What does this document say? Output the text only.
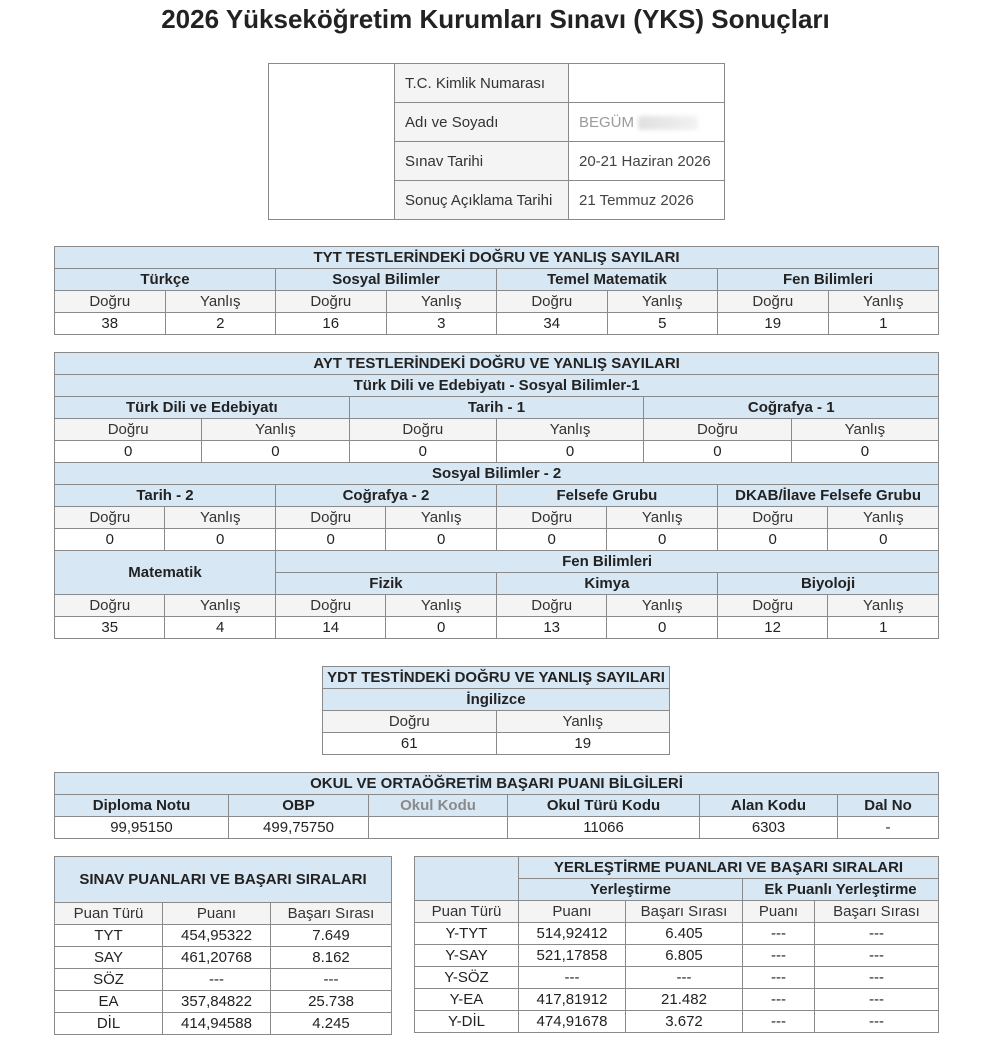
2026 Yükseköğretim Kurumları Sınavı (YKS) Sonuçları
	T.C. Kimlik Numarası	
	Adı ve Soyadı	BEGÜM
	Sınav Tarihi	20-21 Haziran 2026
	Sonuç Açıklama Tarihi	21 Temmuz 2026
TYT TESTLERİNDEKİ DOĞRU VE YANLIŞ SAYILARI							
Türkçe		Sosyal Bilimler		Temel Matematik		Fen Bilimleri	
Doğru	Yanlış	Doğru	Yanlış	Doğru	Yanlış	Doğru	Yanlış
38	2	16	3	34	5	19	1
AYT TESTLERİNDEKİ DOĞRU VE YANLIŞ SAYILARI											
Türk Dili ve Edebiyatı - Sosyal Bilimler-1											
Türk Dili ve Edebiyatı				Tarih - 1				Coğrafya - 1			
Doğru		Yanlış		Doğru		Yanlış		Doğru		Yanlış	
0		0		0		0		0		0	
Sosyal Bilimler - 2											
Tarih - 2			Coğrafya - 2			Felsefe Grubu			DKAB/İlave Felsefe Grubu		
Doğru	Yanlış		Doğru		Yanlış	Doğru	Yanlış		Doğru		Yanlış
0	0		0		0	0	0		0		0
Matematik			Fen Bilimleri								
			Fizik			Kimya			Biyoloji		
Doğru	Yanlış		Doğru		Yanlış	Doğru	Yanlış		Doğru		Yanlış
35	4		14		0	13	0		12		1
YDT TESTİNDEKİ DOĞRU VE YANLIŞ SAYILARI	
İngilizce	
Doğru	Yanlış
61	19
OKUL VE ORTAÖĞRETİM BAŞARI PUANI BİLGİLERİ					
Diploma Notu	OBP	Okul Kodu	Okul Türü Kodu	Alan Kodu	Dal No
99,95150	499,75750		11066	6303	-
SINAV PUANLARI VE BAŞARI SIRALARI		
Puan Türü	Puanı	Başarı Sırası
TYT	454,95322	7.649
SAY	461,20768	8.162
SÖZ	---	---
EA	357,84822	25.738
DİL	414,94588	4.245
	YERLEŞTİRME PUANLARI VE BAŞARI SIRALARI			
	Yerleştirme		Ek Puanlı Yerleştirme	
Puan Türü	Puanı	Başarı Sırası	Puanı	Başarı Sırası
Y-TYT	514,92412	6.405	---	---
Y-SAY	521,17858	6.805	---	---
Y-SÖZ	---	---	---	---
Y-EA	417,81912	21.482	---	---
Y-DİL	474,91678	3.672	---	---
